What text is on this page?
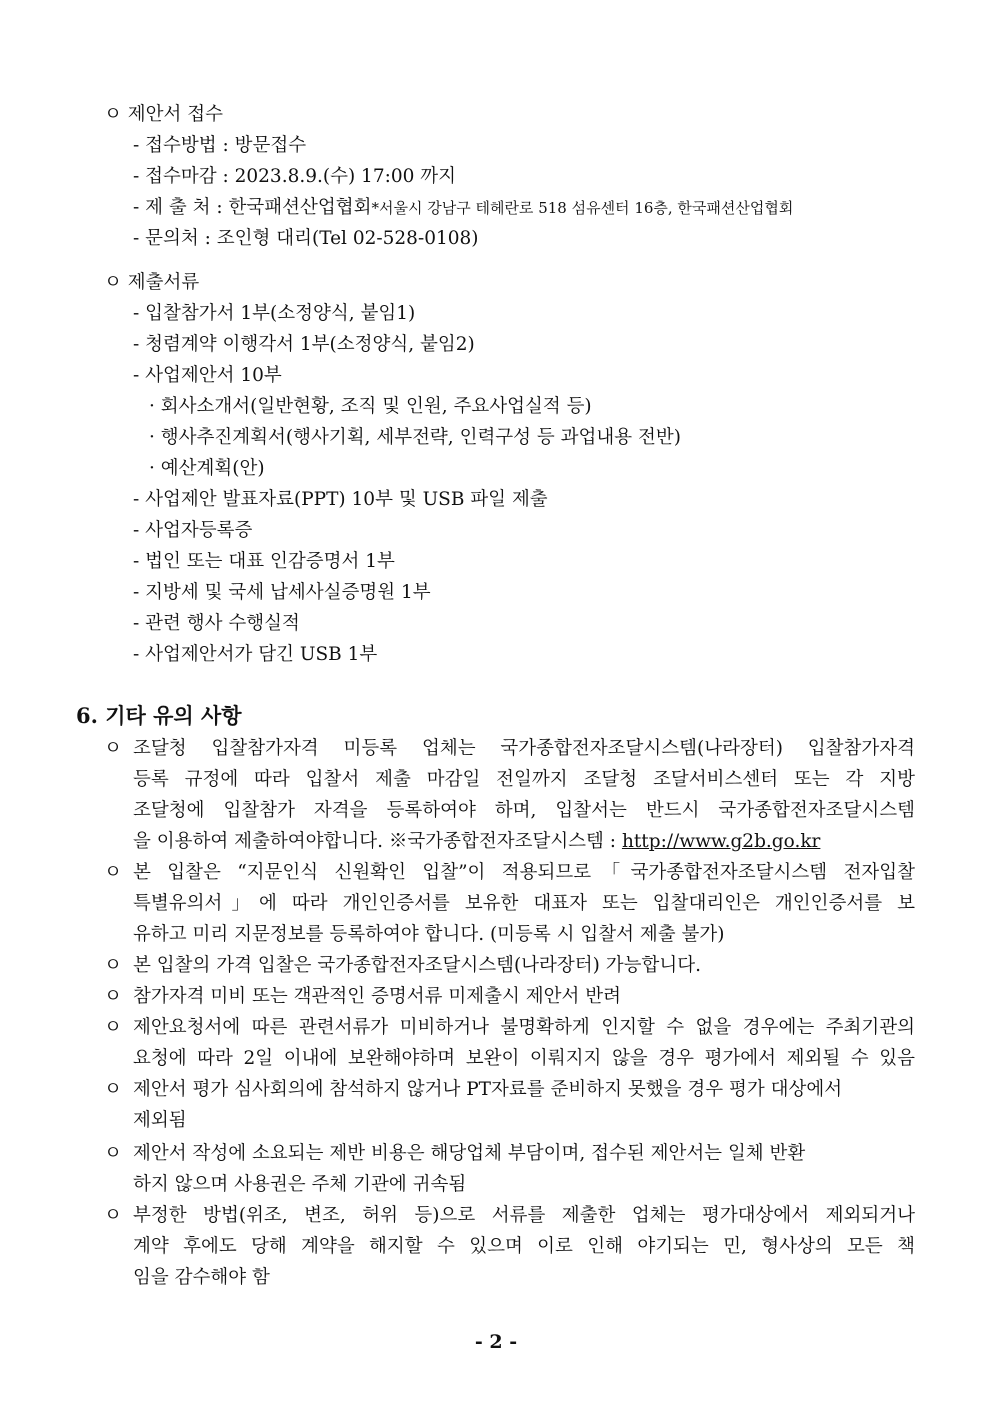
ㅇ 제안서 접수
- 접수방법 : 방문접수
- 접수마감 : 2023.8.9.(수) 17:00 까지
- 제 출 처 : 한국패션산업협회*서울시 강남구 테헤란로 518 섬유센터 16층, 한국패션산업협회
- 문의처 : 조인형 대리(Tel 02-528-0108)
ㅇ 제출서류
- 입찰참가서 1부(소정양식, 붙임1)
- 청렴계약 이행각서 1부(소정양식, 붙임2)
- 사업제안서 10부
· 회사소개서(일반현황, 조직 및 인원, 주요사업실적 등)
· 행사추진계획서(행사기획, 세부전략, 인력구성 등 과업내용 전반)
· 예산계획(안)
- 사업제안 발표자료(PPT) 10부 및 USB 파일 제출
- 사업자등록증
- 법인 또는 대표 인감증명서 1부
- 지방세 및 국세 납세사실증명원 1부
- 관련 행사 수행실적
- 사업제안서가 담긴 USB 1부
6. 기타 유의 사항
ㅇ 조달청 입찰참가자격 미등록 업체는 국가종합전자조달시스템(나라장터) 입찰참가자격
등록 규정에 따라 입찰서 제출 마감일 전일까지 조달청 조달서비스센터 또는 각 지방
조달청에 입찰참가 자격을 등록하여야 하며, 입찰서는 반드시 국가종합전자조달시스템
을 이용하여 제출하여야합니다. ※국가종합전자조달시스템 : http://www.g2b.go.kr
ㅇ 본 입찰은 “지문인식 신원확인 입찰”이 적용되므로「국가종합전자조달시스템 전자입찰
특별유의서」에 따라 개인인증서를 보유한 대표자 또는 입찰대리인은 개인인증서를 보
유하고 미리 지문정보를 등록하여야 합니다. (미등록 시 입찰서 제출 불가)
ㅇ 본 입찰의 가격 입찰은 국가종합전자조달시스템(나라장터) 가능합니다.
ㅇ 참가자격 미비 또는 객관적인 증명서류 미제출시 제안서 반려
ㅇ 제안요청서에 따른 관련서류가 미비하거나 불명확하게 인지할 수 없을 경우에는 주최기관의
요청에 따라 2일 이내에 보완해야하며 보완이 이뤄지지 않을 경우 평가에서 제외될 수 있음
ㅇ 제안서 평가 심사회의에 참석하지 않거나 PT자료를 준비하지 못했을 경우 평가 대상에서
제외됨
ㅇ 제안서 작성에 소요되는 제반 비용은 해당업체 부담이며, 접수된 제안서는 일체 반환
하지 않으며 사용권은 주체 기관에 귀속됨
ㅇ 부정한 방법(위조, 변조, 허위 등)으로 서류를 제출한 업체는 평가대상에서 제외되거나
계약 후에도 당해 계약을 해지할 수 있으며 이로 인해 야기되는 민, 형사상의 모든 책
임을 감수해야 함
- 2 -
